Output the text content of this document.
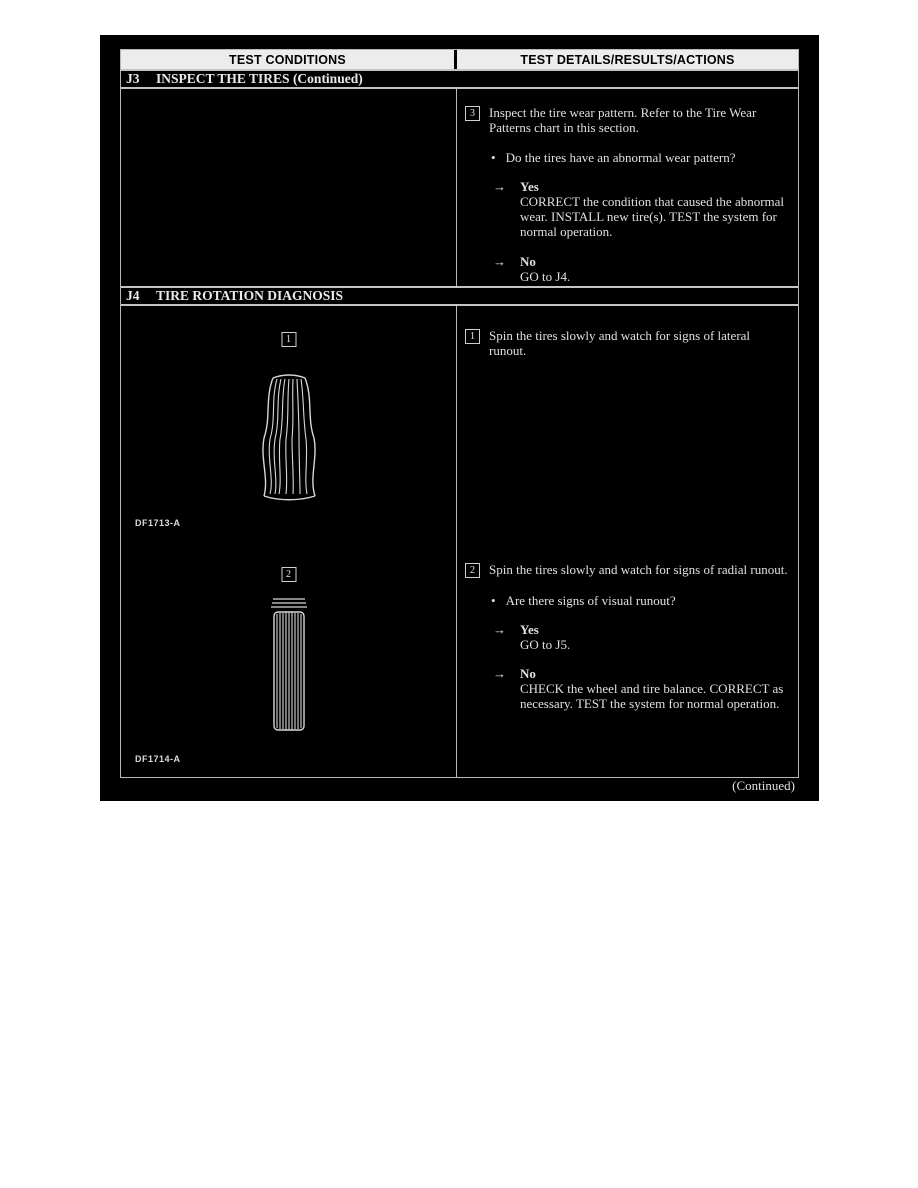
TEST CONDITIONS	TEST DETAILS/RESULTS/ACTIONS
J3	INSPECT THE TIRES (Continued)
3	Inspect the tire wear pattern. Refer to the Tire Wear Patterns chart in this section.
• Do the tires have an abnormal wear pattern?
→	Yes
CORRECT the condition that caused the abnormal wear. INSTALL new tire(s). TEST the system for normal operation.
→	No
GO to J4.
J4	TIRE ROTATION DIAGNOSIS
1
DF1713-A
2
DF1714-A
1	Spin the tires slowly and watch for signs of lateral runout.
2	Spin the tires slowly and watch for signs of radial runout.
• Are there signs of visual runout?
→	Yes
GO to J5.
→	No
CHECK the wheel and tire balance. CORRECT as necessary. TEST the system for normal operation.
(Continued)
